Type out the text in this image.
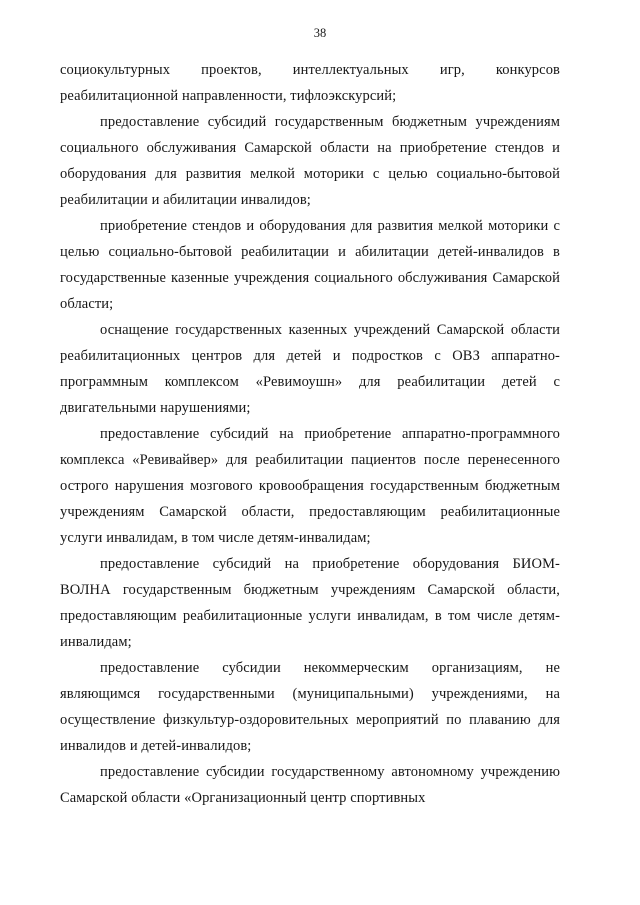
38

социокультурных проектов, интеллектуальных игр, конкурсов реабилитационной направленности, тифлоэкскурсий;

предоставление субсидий государственным бюджетным учреждениям социального обслуживания Самарской области на приобретение стендов и оборудования для развития мелкой моторики с целью социально-бытовой реабилитации и абилитации инвалидов;

приобретение стендов и оборудования для развития мелкой моторики с целью социально-бытовой реабилитации и абилитации детей-инвалидов в государственные казенные учреждения социального обслуживания Самарской области;

оснащение государственных казенных учреждений Самарской области реабилитационных центров для детей и подростков с ОВЗ аппаратно-программным комплексом «Ревимоушн» для реабилитации детей с двигательными нарушениями;

предоставление субсидий на приобретение аппаратно-программного комплекса «Ревивайвер» для реабилитации пациентов после перенесенного острого нарушения мозгового кровообращения государственным бюджетным учреждениям Самарской области, предоставляющим реабилитационные услуги инвалидам, в том числе детям-инвалидам;

предоставление субсидий на приобретение оборудования БИОМ-ВОЛНА государственным бюджетным учреждениям Самарской области, предоставляющим реабилитационные услуги инвалидам, в том числе детям-инвалидам;

предоставление субсидии некоммерческим организациям, не являющимся государственными (муниципальными) учреждениями, на осуществление физкультур-оздоровительных мероприятий по плаванию для инвалидов и детей-инвалидов;

предоставление субсидии государственному автономному учреждению Самарской области «Организационный центр спортивных
